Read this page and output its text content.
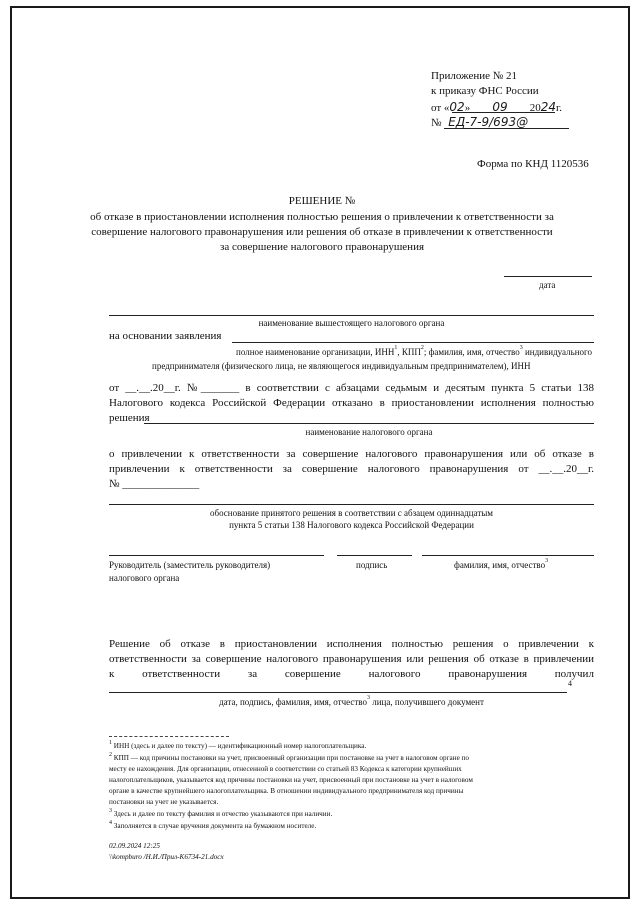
Приложение № 21
к приказу ФНС России
от «02» 09 2024г.
№ ЕД-7-9/693@
Форма по КНД 1120536
РЕШЕНИЕ №
об отказе в приостановлении исполнения полностью решения о привлечении к ответственности за
совершение налогового правонарушения или решения об отказе в привлечении к ответственности
за совершение налогового правонарушения
дата
наименование вышестоящего налогового органа
на основании заявления
полное наименование организации, ИНН$^1$, КПП$^2$; фамилия, имя, отчество$^3$ индивидуального
предпринимателя (физического лица, не являющегося индивидуальным предпринимателем), ИНН
от __.__.20__г. №_______ в соответствии с абзацами седьмым и десятым пункта 5 статьи 138
Налогового кодекса Российской Федерации отказано в приостановлении исполнения полностью
решения
наименование налогового органа
о привлечении к ответственности за совершение налогового правонарушения или об отказе в
привлечении к ответственности за совершение налогового правонарушения от __.__.20__г.
№ ______________
обоснование принятого решения в соответствии с абзацем одиннадцатым
пункта 5 статьи 138 Налогового кодекса Российской Федерации
Руководитель (заместитель руководителя)
налогового органа
подпись	фамилия, имя, отчество$^3$
Решение об отказе в приостановлении исполнения полностью решения о привлечении к
ответственности за совершение налогового правонарушения или решения об отказе в привлечении
к	ответственности	за	совершение	налогового	правонарушения	получил
4
дата, подпись, фамилия, имя, отчество$^3$ лица, получившего документ
$^1$ ИНН (здесь и далее по тексту) — идентификационный номер налогоплательщика.
$^2$ КПП — код причины постановки на учет, присвоенный организации при постановке на учет в налоговом органе по
месту ее нахождения. Для организации, отнесенной в соответствии со статьей 83 Кодекса к категории крупнейших
налогоплательщиков, указывается код причины постановки на учет, присвоенный при постановке на учет в налоговом
органе в качестве крупнейшего налогоплательщика. В отношении индивидуального предпринимателя код причины
постановки на учет не указывается.
$^3$ Здесь и далее по тексту фамилия и отчество указываются при наличии.
$^4$ Заполняется в случае вручения документа на бумажном носителе.
02.09.2024 12:25
\\kompburo /Н.И./Прил-К6734-21.docx
